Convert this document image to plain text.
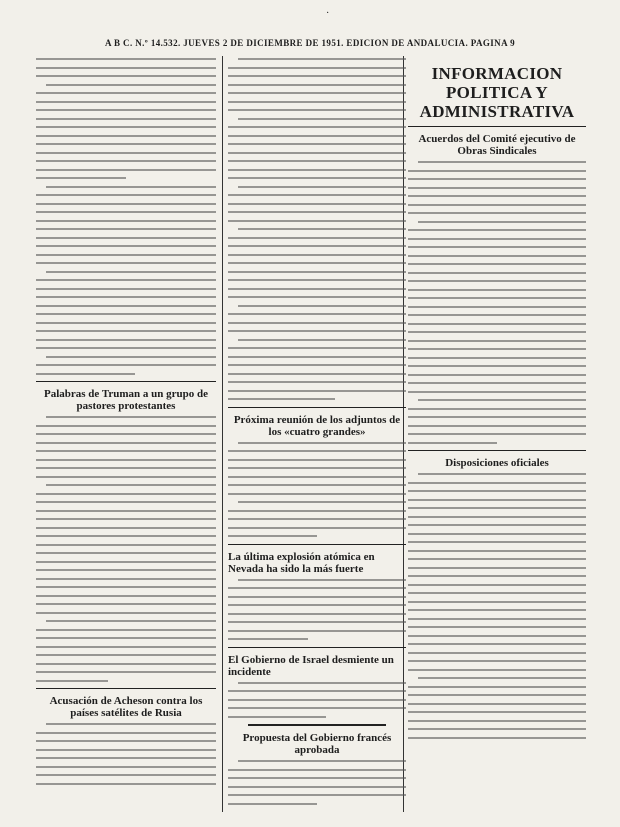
A B C. N.º 14.532. JUEVES 2 DE DICIEMBRE DE 1951. EDICION DE ANDALUCIA. PAGINA 9
Palabras de Truman a un grupo de pastores protestantes
Acusación de Acheson contra los países satélites de Rusia
Próxima reunión de los adjuntos de los «cuatro grandes»
La última explosión atómica en Nevada ha sido la más fuerte
El Gobierno de Israel desmiente un incidente
Propuesta del Gobierno francés aprobada
INFORMACION POLITICA Y ADMINISTRATIVA
Acuerdos del Comité ejecutivo de Obras Sindicales
Disposiciones oficiales
·
